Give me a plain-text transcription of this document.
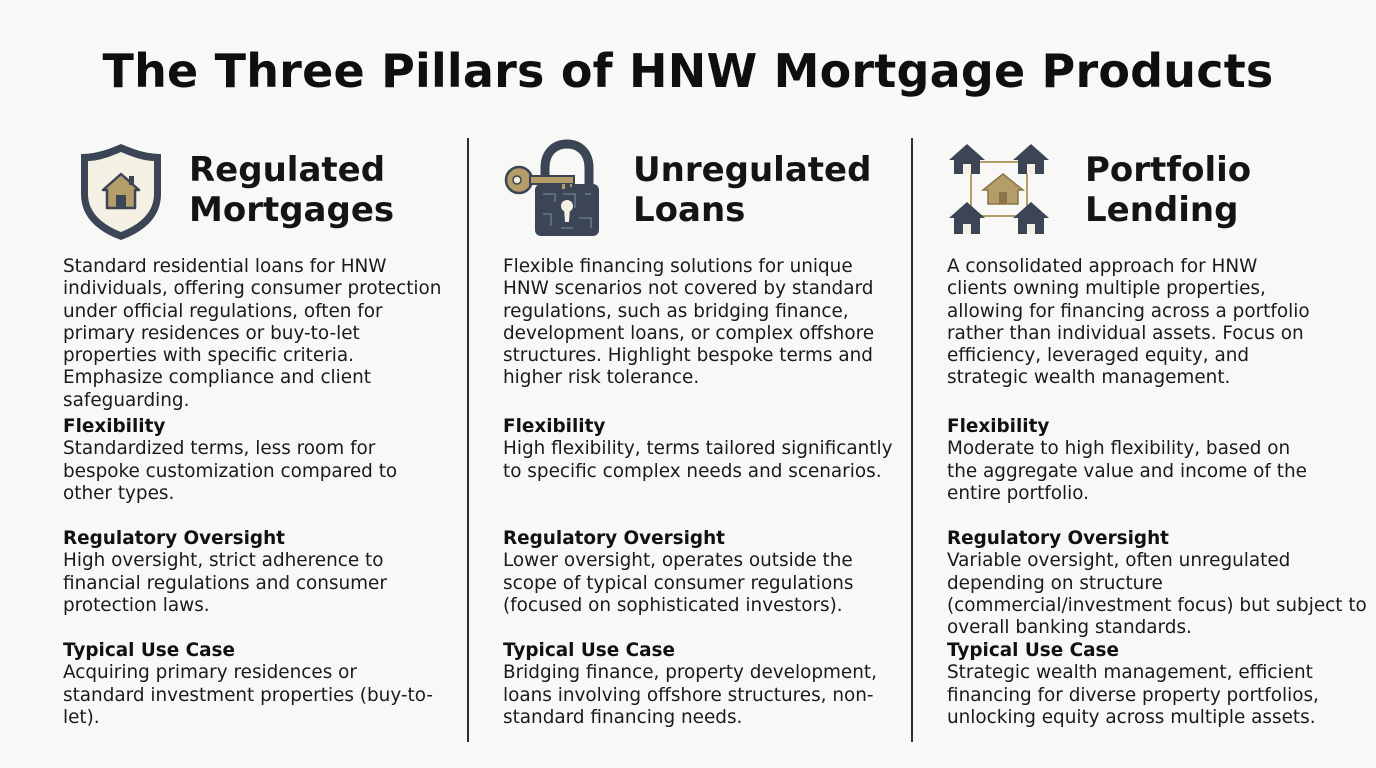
The Three Pillars of HNW Mortgage Products
Regulated
Mortgages
Standard residential loans for HNW individuals, offering consumer protection under official regulations, often for primary residences or buy-to-let properties with specific criteria. Emphasize compliance and client safeguarding.
Flexibility
Standardized terms, less room for bespoke customization compared to other types.
Regulatory Oversight
High oversight, strict adherence to financial regulations and consumer protection laws.
Typical Use Case
Acquiring primary residences or standard investment properties (buy-to-let).
Unregulated
Loans
Flexible financing solutions for unique HNW scenarios not covered by standard regulations, such as bridging finance, development loans, or complex offshore structures. Highlight bespoke terms and higher risk tolerance.
Flexibility
High flexibility, terms tailored significantly to specific complex needs and scenarios.
Regulatory Oversight
Lower oversight, operates outside the scope of typical consumer regulations (focused on sophisticated investors).
Typical Use Case
Bridging finance, property development, loans involving offshore structures, non-standard financing needs.
Portfolio
Lending
A consolidated approach for HNW clients owning multiple properties, allowing for financing across a portfolio rather than individual assets. Focus on efficiency, leveraged equity, and strategic wealth management.
Flexibility
Moderate to high flexibility, based on the aggregate value and income of the entire portfolio.
Regulatory Oversight
Variable oversight, often unregulated depending on structure (commercial/investment focus) but subject to overall banking standards.
Typical Use Case
Strategic wealth management, efficient financing for diverse property portfolios, unlocking equity across multiple assets.
